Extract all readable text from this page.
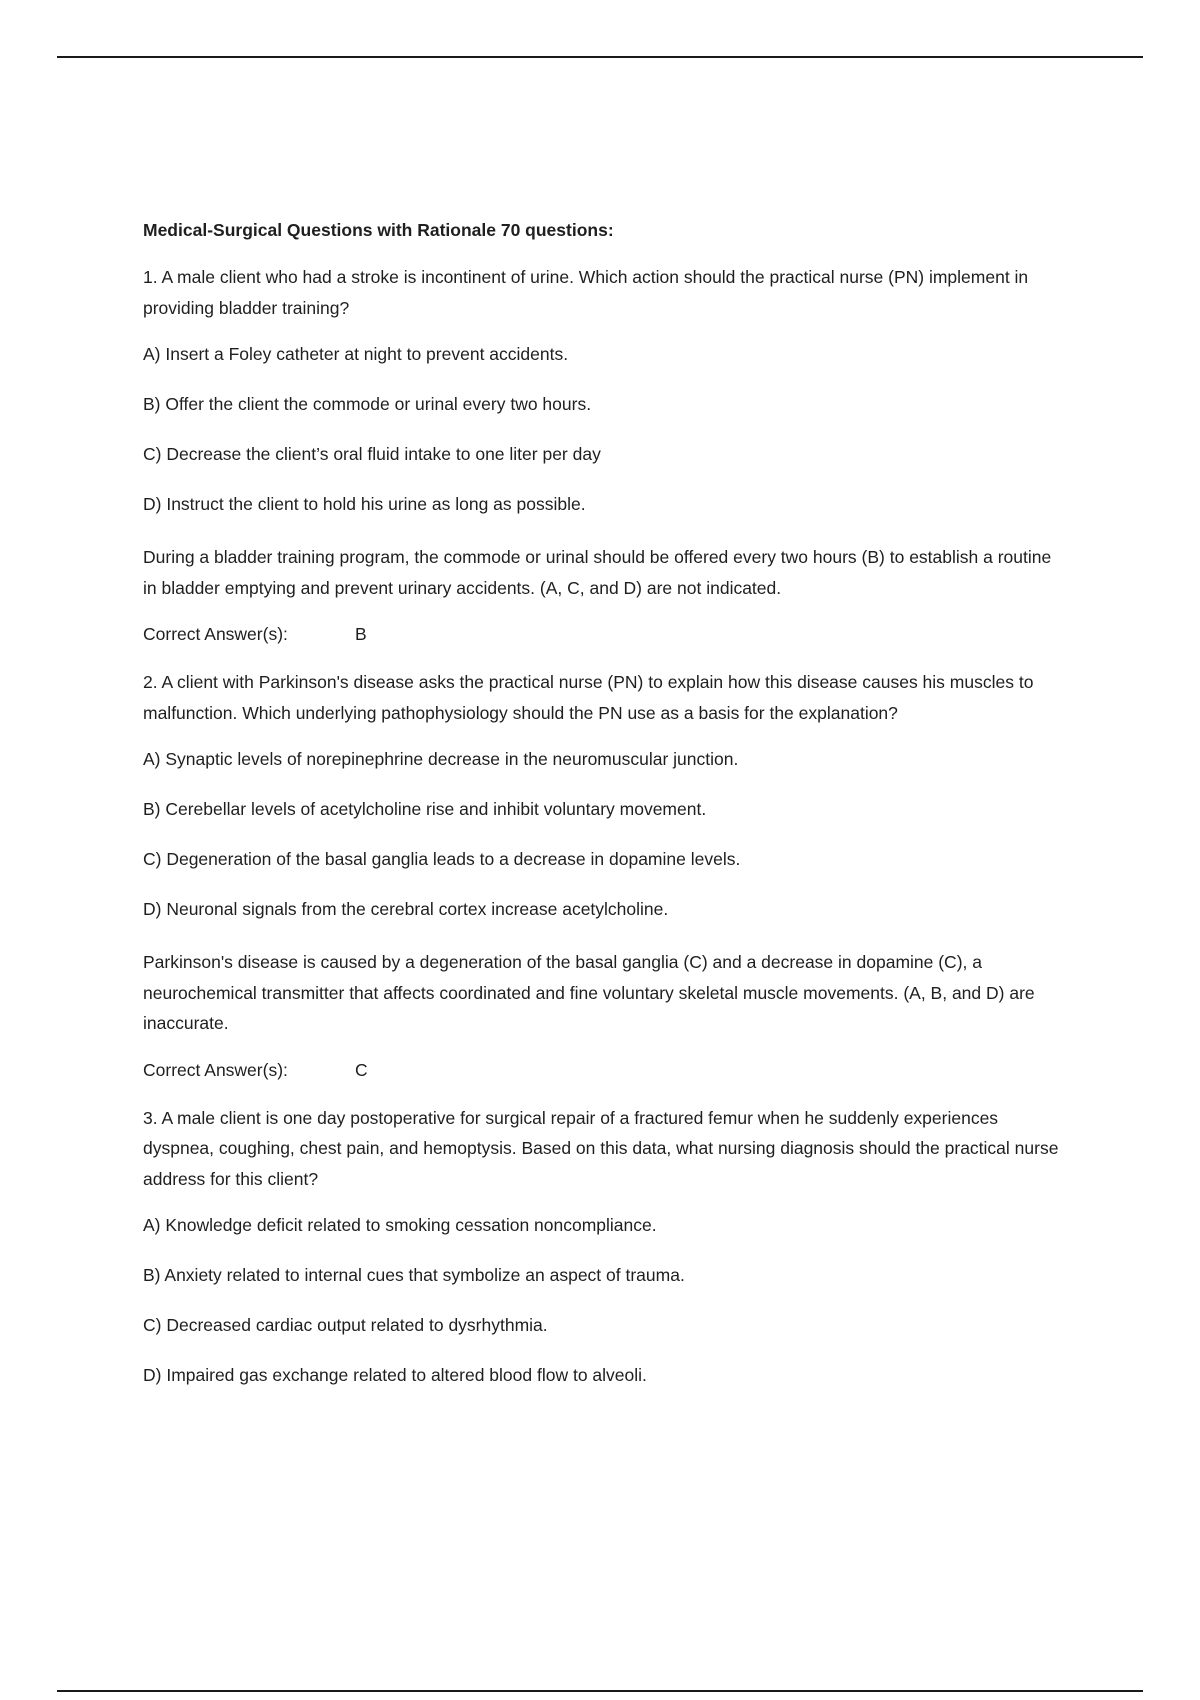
Medical-Surgical Questions with Rationale 70 questions:
1. A male client who had a stroke is incontinent of urine. Which action should the practical nurse (PN) implement in providing bladder training?
A) Insert a Foley catheter at night to prevent accidents.
B) Offer the client the commode or urinal every two hours.
C) Decrease the client’s oral fluid intake to one liter per day
D) Instruct the client to hold his urine as long as possible.
During a bladder training program, the commode or urinal should be offered every two hours (B) to establish a routine in bladder emptying and prevent urinary accidents. (A, C, and D) are not indicated.
Correct Answer(s):	B
2. A client with Parkinson's disease asks the practical nurse (PN) to explain how this disease causes his muscles to malfunction. Which underlying pathophysiology should the PN use as a basis for the explanation?
A) Synaptic levels of norepinephrine decrease in the neuromuscular junction.
B) Cerebellar levels of acetylcholine rise and inhibit voluntary movement.
C) Degeneration of the basal ganglia leads to a decrease in dopamine levels.
D) Neuronal signals from the cerebral cortex increase acetylcholine.
Parkinson's disease is caused by a degeneration of the basal ganglia (C) and a decrease in dopamine (C), a neurochemical transmitter that affects coordinated and fine voluntary skeletal muscle movements. (A, B, and D) are inaccurate.
Correct Answer(s):	C
3. A male client is one day postoperative for surgical repair of a fractured femur when he suddenly experiences dyspnea, coughing, chest pain, and hemoptysis. Based on this data, what nursing diagnosis should the practical nurse address for this client?
A) Knowledge deficit related to smoking cessation noncompliance.
B) Anxiety related to internal cues that symbolize an aspect of trauma.
C) Decreased cardiac output related to dysrhythmia.
D) Impaired gas exchange related to altered blood flow to alveoli.
